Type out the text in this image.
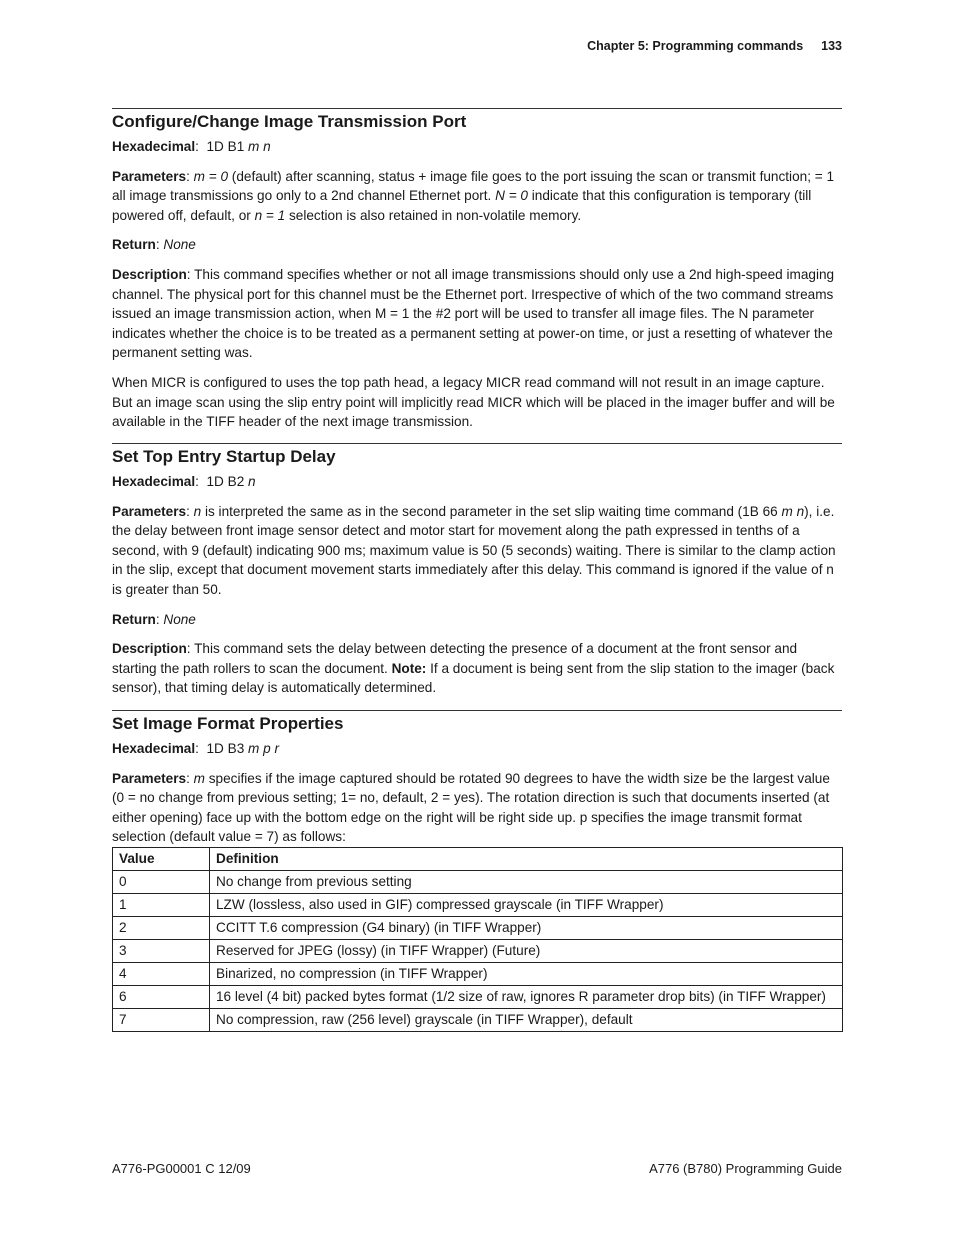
Chapter 5: Programming commands 133
Configure/Change Image Transmission Port

Hexadecimal:  1D B1 m n

Parameters: m = 0 (default) after scanning, status + image file goes to the port issuing the scan or transmit function; = 1 all image transmissions go only to a 2nd channel Ethernet port. N = 0 indicate that this configuration is temporary (till powered off, default, or n = 1 selection is also retained in non-volatile memory.

Return: None

Description: This command specifies whether or not all image transmissions should only use a 2nd high-speed imaging channel. The physical port for this channel must be the Ethernet port. Irrespective of which of the two command streams issued an image transmission action, when M = 1 the #2 port will be used to transfer all image files. The N parameter indicates whether the choice is to be treated as a permanent setting at power-on time, or just a resetting of whatever the permanent setting was.

When MICR is configured to uses the top path head, a legacy MICR read command will not result in an image capture. But an image scan using the slip entry point will implicitly read MICR which will be placed in the imager buffer and will be available in the TIFF header of the next image transmission.

Set Top Entry Startup Delay

Hexadecimal:  1D B2 n

Parameters: n is interpreted the same as in the second parameter in the set slip waiting time command (1B 66 m n), i.e. the delay between front image sensor detect and motor start for movement along the path expressed in tenths of a second, with 9 (default) indicating 900 ms; maximum value is 50 (5 seconds) waiting. There is similar to the clamp action in the slip, except that document movement starts immediately after this delay. This command is ignored if the value of n is greater than 50.

Return: None

Description: This command sets the delay between detecting the presence of a document at the front sensor and starting the path rollers to scan the document. Note: If a document is being sent from the slip station to the imager (back sensor), that timing delay is automatically determined.

Set Image Format Properties

Hexadecimal:  1D B3 m p r

Parameters: m specifies if the image captured should be rotated 90 degrees to have the width size be the largest value (0 = no change from previous setting; 1= no, default, 2 = yes). The rotation direction is such that documents inserted (at either opening) face up with the bottom edge on the right will be right side up. p specifies the image transmit format selection (default value = 7) as follows:

Value	Definition
0	No change from previous setting
1	LZW (lossless, also used in GIF) compressed grayscale (in TIFF Wrapper)
2	CCITT T.6 compression (G4 binary) (in TIFF Wrapper)
3	Reserved for JPEG (lossy) (in TIFF Wrapper) (Future)
4	Binarized, no compression (in TIFF Wrapper)
6	16 level (4 bit) packed bytes format (1/2 size of raw, ignores R parameter drop bits) (in TIFF Wrapper)
7	No compression, raw (256 level) grayscale (in TIFF Wrapper), default
A776-PG00001 C 12/09	A776 (B780) Programming Guide
